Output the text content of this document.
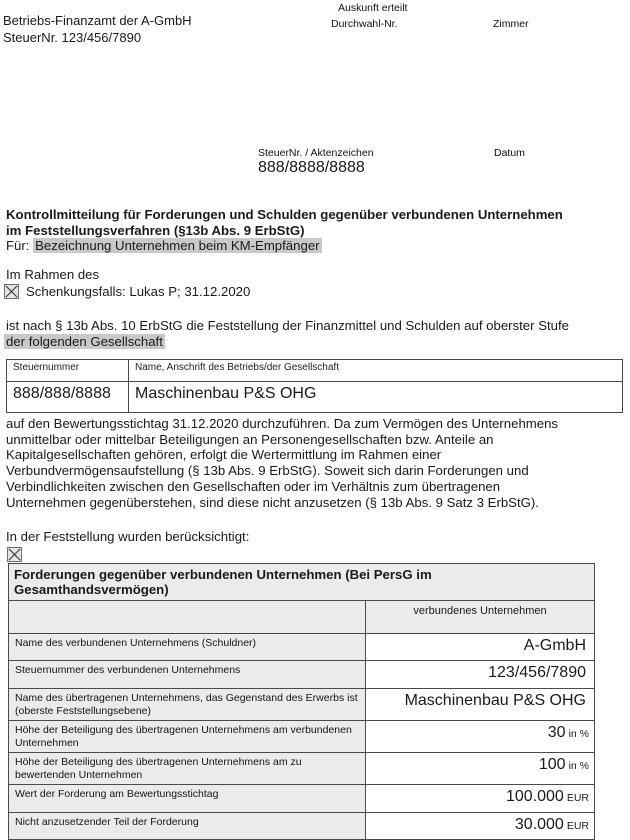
Betriebs-Finanzamt der A-GmbH
SteuerNr. 123/456/7890
Auskunft erteilt
Durchwahl-Nr.	Zimmer
SteuerNr. / Aktenzeichen
888/8888/8888
Datum
Kontrollmitteilung für Forderungen und Schulden gegenüber verbundenen Unternehmen
im Feststellungsverfahren (§13b Abs. 9 ErbStG)
Für: Bezeichnung Unternehmen beim KM-Empfänger
Im Rahmen des
Schenkungsfalls: Lukas P; 31.12.2020
ist nach § 13b Abs. 10 ErbStG die Feststellung der Finanzmittel und Schulden auf oberster Stufe
der folgenden Gesellschaft
Steuernummer	Name, Anschrift des Betriebs/der Gesellschaft
888/888/8888	Maschinenbau P&S OHG
auf den Bewertungsstichtag 31.12.2020 durchzuführen. Da zum Vermögen des Unternehmens
unmittelbar oder mittelbar Beteiligungen an Personengesellschaften bzw. Anteile an
Kapitalgesellschaften gehören, erfolgt die Wertermittlung im Rahmen einer
Verbundvermögensaufstellung (§ 13b Abs. 9 ErbStG). Soweit sich darin Forderungen und
Verbindlichkeiten zwischen den Gesellschaften oder im Verhältnis zum übertragenen
Unternehmen gegenüberstehen, sind diese nicht anzusetzen (§ 13b Abs. 9 Satz 3 ErbStG).
In der Feststellung wurden berücksichtigt:
Forderungen gegenüber verbundenen Unternehmen (Bei PersG im Gesamthandsvermögen)	
	verbundenes Unternehmen
Name des verbundenen Unternehmens (Schuldner)	A-GmbH
Steuernummer des verbundenen Unternehmens	123/456/7890
Name des übertragenen Unternehmens, das Gegenstand des Erwerbs ist (oberste Feststellungsebene)	Maschinenbau P&S OHG
Höhe der Beteiligung des übertragenen Unternehmens am verbundenen Unternehmen	30 in %
Höhe der Beteiligung des übertragenen Unternehmens am zu bewertenden Unternehmen	100 in %
Wert der Forderung am Bewertungsstichtag	100.000 EUR
Nicht anzusetzender Teil der Forderung	30.000 EUR
